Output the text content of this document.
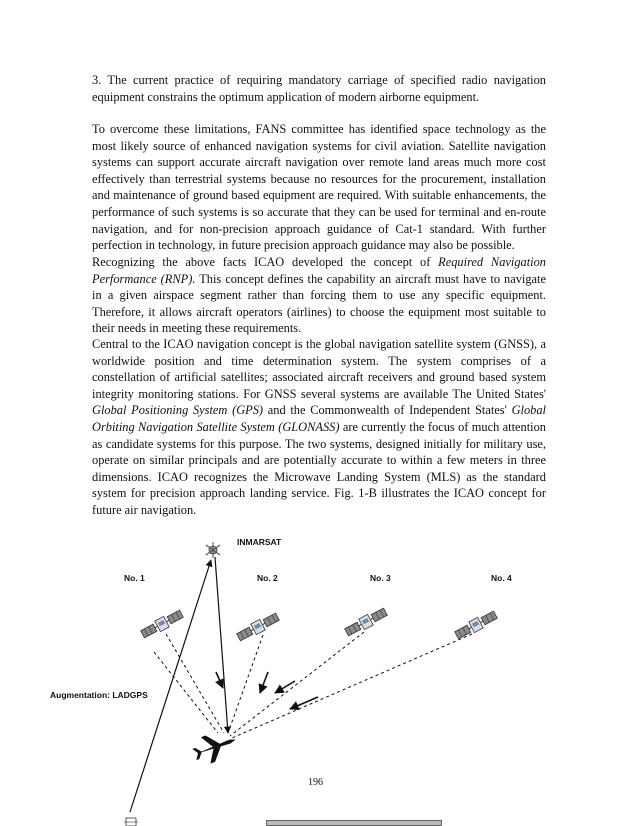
3. The current practice of requiring mandatory carriage of specified radio navigation equipment constrains the optimum application of modern airborne equipment.

To overcome these limitations, FANS committee has identified space technology as the most likely source of enhanced navigation systems for civil aviation. Satellite navigation systems can support accurate aircraft navigation over remote land areas much more cost effectively than terrestrial systems because no resources for the procurement, installation and maintenance of ground based equipment are required. With suitable enhancements, the performance of such systems is so accurate that they can be used for terminal and en-route navigation, and for non-precision approach guidance of Cat-1 standard. With further perfection in technology, in future precision approach guidance may also be possible.

Recognizing the above facts ICAO developed the concept of Required Navigation Performance (RNP). This concept defines the capability an aircraft must have to navigate in a given airspace segment rather than forcing them to use any specific equipment. Therefore, it allows aircraft operators (airlines) to choose the equipment most suitable to their needs in meeting these requirements.

Central to the ICAO navigation concept is the global navigation satellite system (GNSS), a worldwide position and time determination system. The system comprises of a constellation of artificial satellites; associated aircraft receivers and ground based system integrity monitoring stations. For GNSS several systems are available The United States' Global Positioning System (GPS) and the Commonwealth of Independent States' Global Orbiting Navigation Satellite System (GLONASS) are currently the focus of much attention as candidate systems for this purpose. The two systems, designed initially for military use, operate on similar principals and are potentially accurate to within a few meters in three dimensions. ICAO recognizes the Microwave Landing System (MLS) as the standard system for precision approach landing service. Fig. 1-B illustrates the ICAO concept for future air navigation.

INMARSAT
No. 1	No. 2	No. 3	No. 4
Augmentation: LADGPS
196
